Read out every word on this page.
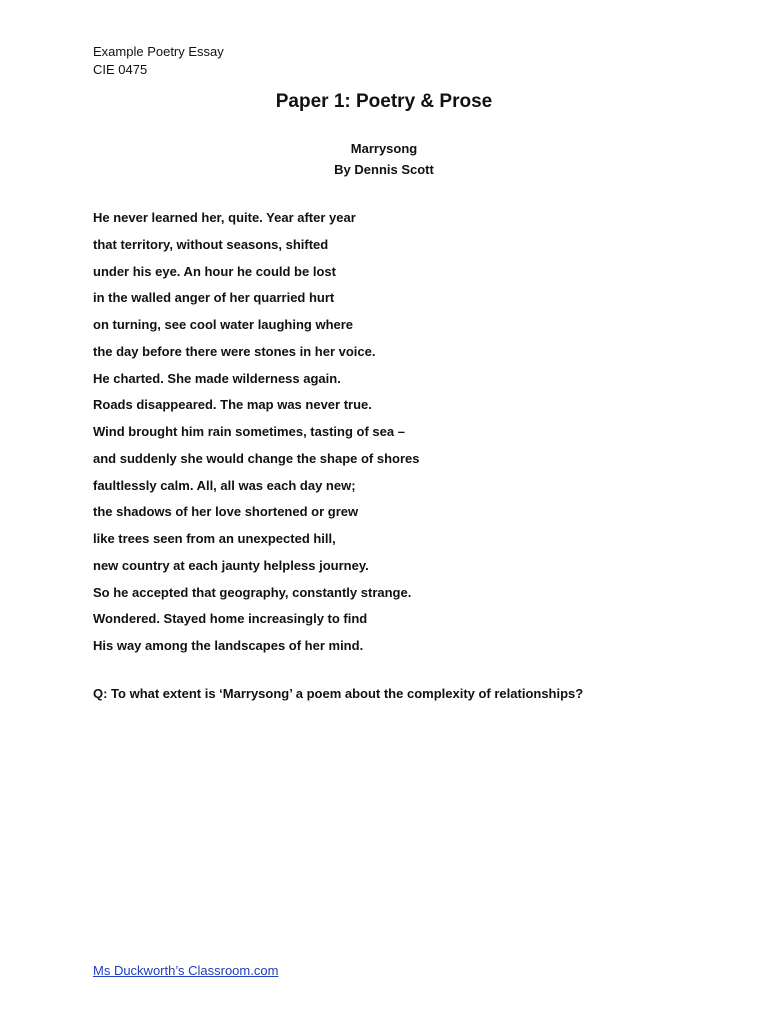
Example Poetry Essay
CIE 0475
Paper 1: Poetry & Prose
Marrysong
By Dennis Scott
He never learned her, quite. Year after year
that territory, without seasons, shifted
under his eye. An hour he could be lost
in the walled anger of her quarried hurt
on turning, see cool water laughing where
the day before there were stones in her voice.
He charted. She made wilderness again.
Roads disappeared. The map was never true.
Wind brought him rain sometimes, tasting of sea –
and suddenly she would change the shape of shores
faultlessly calm. All, all was each day new;
the shadows of her love shortened or grew
like trees seen from an unexpected hill,
new country at each jaunty helpless journey.
So he accepted that geography, constantly strange.
Wondered. Stayed home increasingly to find
His way among the landscapes of her mind.
Q: To what extent is ‘Marrysong’ a poem about the complexity of relationships?
Ms Duckworth’s Classroom.com
